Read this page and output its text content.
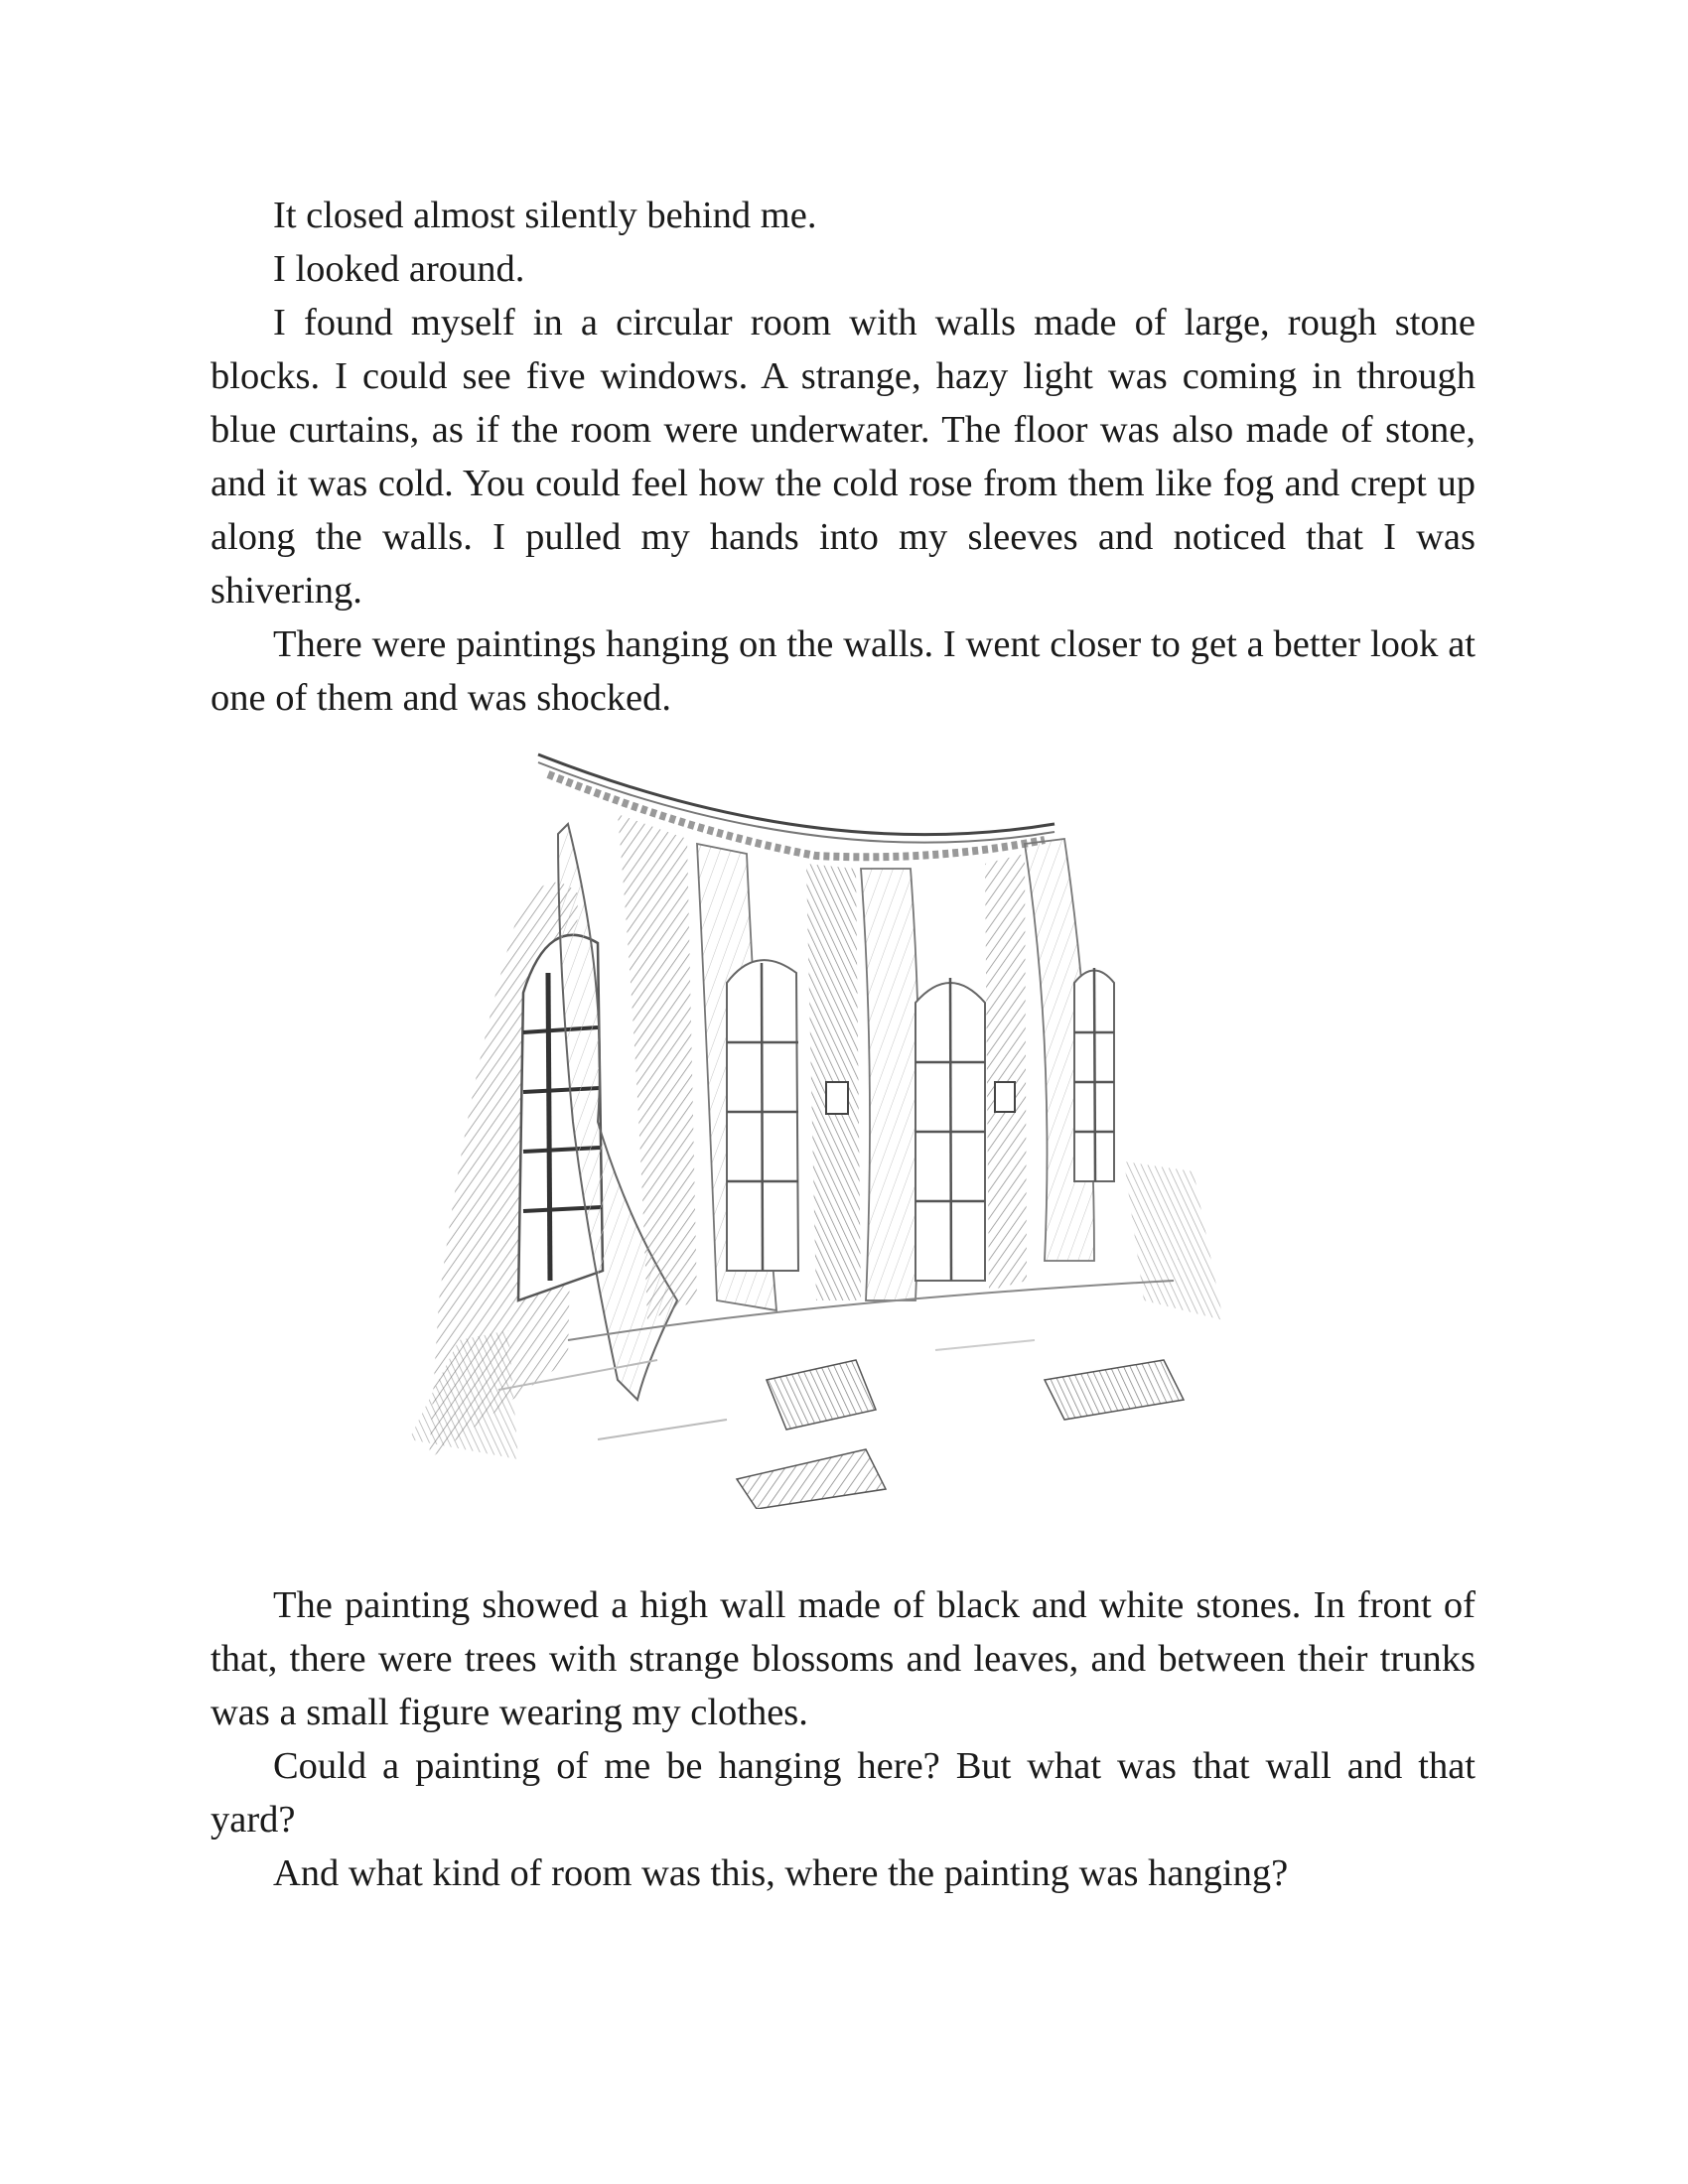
It closed almost silently behind me.

I looked around.

I found myself in a circular room with walls made of large, rough stone blocks. I could see five windows. A strange, hazy light was coming in through blue curtains, as if the room were underwater. The floor was also made of stone, and it was cold. You could feel how the cold rose from them like fog and crept up along the walls. I pulled my hands into my sleeves and noticed that I was shivering.

There were paintings hanging on the walls. I went closer to get a better look at one of them and was shocked.

The painting showed a high wall made of black and white stones. In front of that, there were trees with strange blossoms and leaves, and between their trunks was a small figure wearing my clothes.

Could a painting of me be hanging here? But what was that wall and that yard?

And what kind of room was this, where the painting was hanging?
